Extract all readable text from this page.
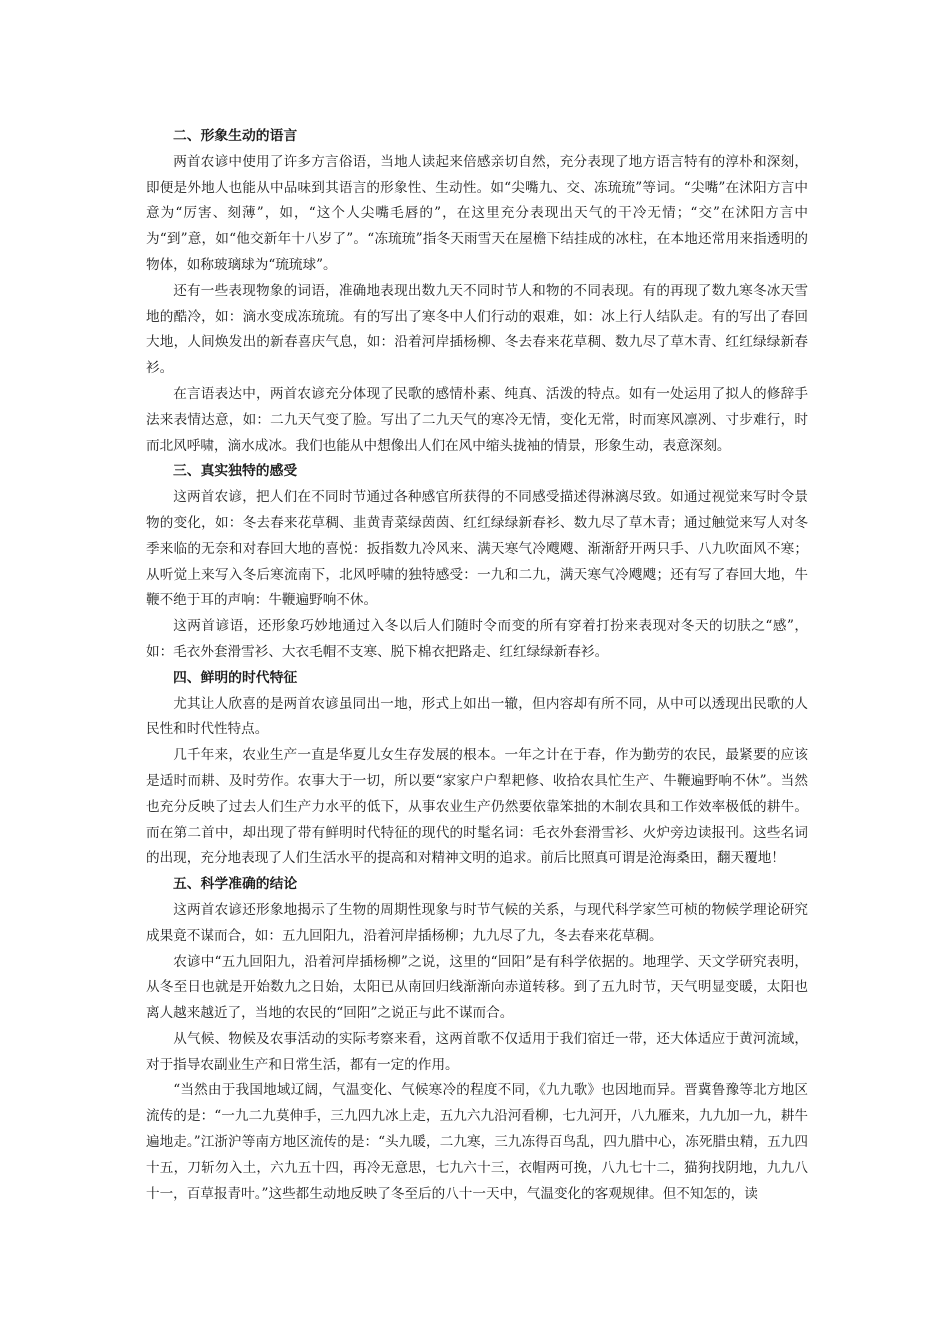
二、形象生动的语言

两首农谚中使用了许多方言俗语，当地人读起来倍感亲切自然，充分表现了地方语言特有的淳朴和深刻，即便是外地人也能从中品味到其语言的形象性、生动性。如“尖嘴九、交、冻琉琉”等词。“尖嘴”在沭阳方言中意为“厉害、刻薄”，如，“这个人尖嘴毛唇的”，在这里充分表现出天气的干冷无情；“交”在沭阳方言中为“到”意，如“他交新年十八岁了”。“冻琉琉”指冬天雨雪天在屋檐下结挂成的冰柱，在本地还常用来指透明的物体，如称玻璃球为“琉琉球”。

还有一些表现物象的词语，准确地表现出数九天不同时节人和物的不同表现。有的再现了数九寒冬冰天雪地的酷冷，如：滴水变成冻琉琉。有的写出了寒冬中人们行动的艰难，如：冰上行人结队走。有的写出了春回大地，人间焕发出的新春喜庆气息，如：沿着河岸插杨柳、冬去春来花草稠、数九尽了草木青、红红绿绿新春衫。

在言语表达中，两首农谚充分体现了民歌的感情朴素、纯真、活泼的特点。如有一处运用了拟人的修辞手法来表情达意，如：二九天气变了脸。写出了二九天气的寒冷无情，变化无常，时而寒风凛冽、寸步难行，时而北风呼啸，滴水成冰。我们也能从中想像出人们在风中缩头拢袖的情景，形象生动，表意深刻。

三、真实独特的感受

这两首农谚，把人们在不同时节通过各种感官所获得的不同感受描述得淋漓尽致。如通过视觉来写时令景物的变化，如：冬去春来花草稠、韭黄青菜绿茵茵、红红绿绿新春衫、数九尽了草木青；通过触觉来写人对冬季来临的无奈和对春回大地的喜悦：扳指数九冷风来、满天寒气冷飕飕、渐渐舒开两只手、八九吹面风不寒；从听觉上来写入冬后寒流南下，北风呼啸的独特感受：一九和二九，满天寒气冷飕飕；还有写了春回大地，牛鞭不绝于耳的声响：牛鞭遍野响不休。

这两首谚语，还形象巧妙地通过入冬以后人们随时令而变的所有穿着打扮来表现对冬天的切肤之“感”，如：毛衣外套滑雪衫、大衣毛帽不支寒、脱下棉衣把路走、红红绿绿新春衫。

四、鲜明的时代特征

尤其让人欣喜的是两首农谚虽同出一地，形式上如出一辙，但内容却有所不同，从中可以透现出民歌的人民性和时代性特点。

几千年来，农业生产一直是华夏儿女生存发展的根本。一年之计在于春，作为勤劳的农民，最紧要的应该是适时而耕、及时劳作。农事大于一切，所以要“家家户户犁耙修、收拾农具忙生产、牛鞭遍野响不休”。当然也充分反映了过去人们生产力水平的低下，从事农业生产仍然要依靠笨拙的木制农具和工作效率极低的耕牛。而在第二首中，却出现了带有鲜明时代特征的现代的时髦名词：毛衣外套滑雪衫、火炉旁边读报刊。这些名词的出现，充分地表现了人们生活水平的提高和对精神文明的追求。前后比照真可谓是沧海桑田，翻天覆地！

五、科学准确的结论

这两首农谚还形象地揭示了生物的周期性现象与时节气候的关系，与现代科学家竺可桢的物候学理论研究成果竟不谋而合，如：五九回阳九，沿着河岸插杨柳；九九尽了九，冬去春来花草稠。

农谚中“五九回阳九，沿着河岸插杨柳”之说，这里的“回阳”是有科学依据的。地理学、天文学研究表明，从冬至日也就是开始数九之日始，太阳已从南回归线渐渐向赤道转移。到了五九时节，天气明显变暖，太阳也离人越来越近了，当地的农民的“回阳”之说正与此不谋而合。

从气候、物候及农事活动的实际考察来看，这两首歌不仅适用于我们宿迁一带，还大体适应于黄河流域，对于指导农副业生产和日常生活，都有一定的作用。

“当然由于我国地域辽阔，气温变化、气候寒冷的程度不同，《九九歌》也因地而异。晋冀鲁豫等北方地区流传的是：“一九二九莫伸手，三九四九冰上走，五九六九沿河看柳，七九河开，八九雁来，九九加一九，耕牛遍地走。”江浙沪等南方地区流传的是：“头九暖，二九寒，三九冻得百鸟乱，四九腊中心，冻死腊虫精，五九四十五，刀斩勿入土，六九五十四，再冷无意思，七九六十三，衣帽两可挽，八九七十二，猫狗找阴地，九九八十一，百草报青叶。”这些都生动地反映了冬至后的八十一天中，气温变化的客观规律。但不知怎的，读
